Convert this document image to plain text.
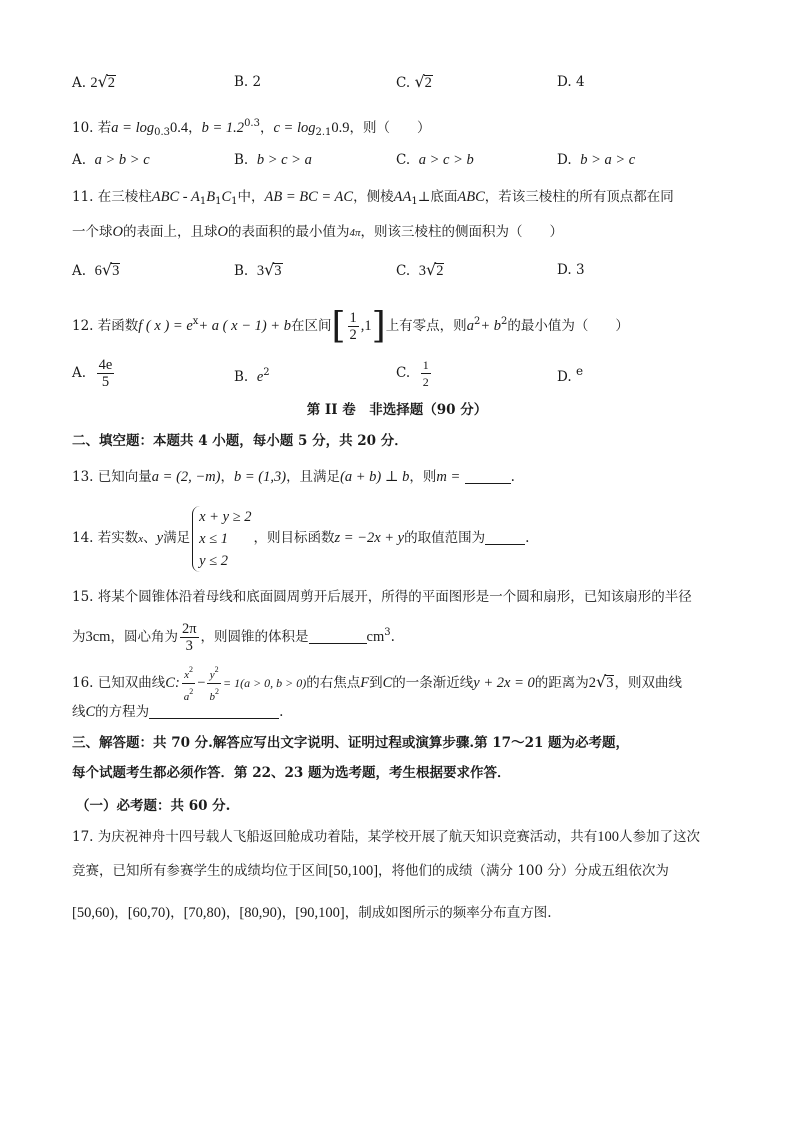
A. 2√2	B. 2	C. √2	D. 4
10. 若$a = \log_{0.3}0.4$，$b = 1.2^{0.3}$，$c = \log_{2.1}0.9$，则（　　）
A. a > b > c	B. b > c > a	C. a > c > b	D. b > a > c
11. 在三棱柱ABC - $A_1B_1C_1$中，AB = BC = AC，侧棱$AA_1\perp$底面ABC，若该三棱柱的所有顶点都在同
一个球O的表面上，且球O的表面积的最小值为4π，则该三棱柱的侧面积为（　　）
A. 6√3	B. 3√3	C. 3√2	D. 3
12. 若函数f ( x ) = $e^x+ a$ ( x − 1) + b在区间[ $\frac{1}{2} ,1$]上有零点，则$a^2+ b^2$的最小值为（　　）
A. $\frac{4e}{5}$	B. $e^2$	C. $\frac{1}{2}$	D. e
第 II 卷　非选择题（90 分）
二、填空题：本题共 4 小题，每小题 5 分，共 20 分．
13. 已知向量a = (2, −m)，b = (1,3)，且满足(a + b) ⊥ b，则m =	.
14. 若实数x、y满足
x + y ≥ 2
x ≤ 1
y ≤ 2
，则目标函数z = −2x + y的取值范围为	.
15. 将某个圆锥体沿着母线和底面圆周剪开后展开，所得的平面图形是一个圆和扇形，已知该扇形的半径
为3cm，圆心角为 $\frac{2\pi}{3}$ ，则圆锥的体积是	$cm^3$.
16. 已知双曲线C: $\frac{x^2}{a^2} - \frac{y^2}{b^2} = 1(a > 0$, b > 0)的右焦点F到C的一条渐近线y + 2x = 0的距离为2√3，则双曲线
线C的方程为	.
三、解答题：共 70 分.解答应写出文字说明、证明过程或演算步骤.第 17～21 题为必考题，
每个试题考生都必须作答．第 22、23 题为选考题，考生根据要求作答．
（一）必考题：共 60 分.
17. 为庆祝神舟十四号载人飞船返回舱成功着陆，某学校开展了航天知识竞赛活动，共有100人参加了这次
竞赛，已知所有参赛学生的成绩均位于区间[50,100]，将他们的成绩（满分 100 分）分成五组依次为
[50,60)，[60,70)，[70,80)，[80,90)，[90,100]，制成如图所示的频率分布直方图.
